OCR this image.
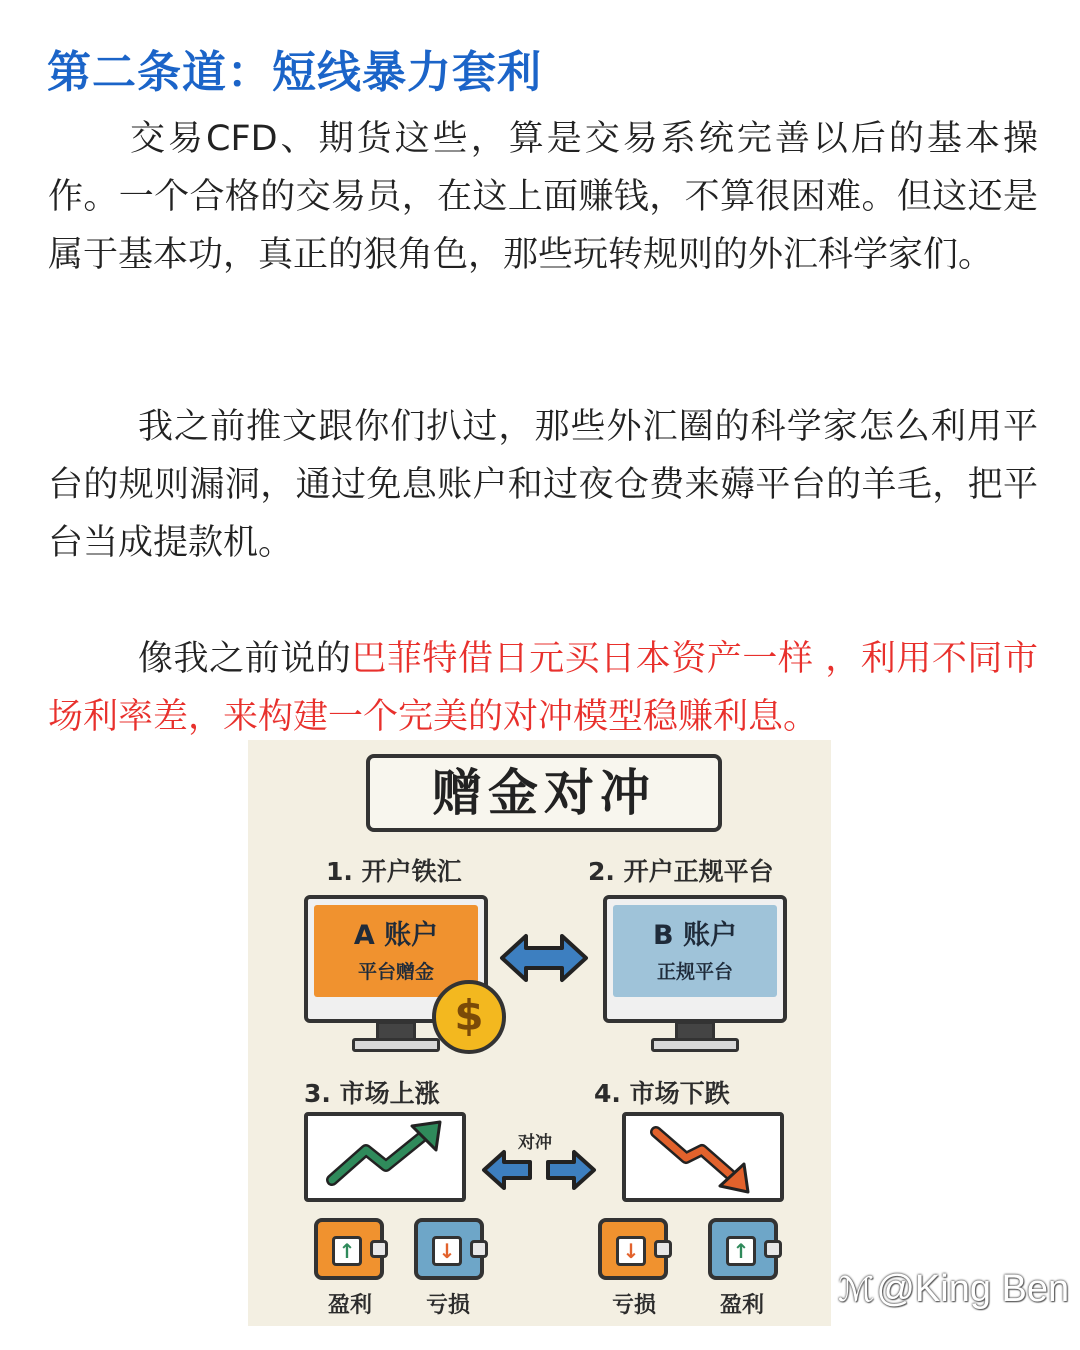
第二条道：短线暴力套利

交易CFD、期货这些，算是交易系统完善以后的基本操作。一个合格的交易员，在这上面赚钱，不算很困难。但这还是属于基本功，真正的狠角色，那些玩转规则的外汇科学家们。

我之前推文跟你们扒过，那些外汇圈的科学家怎么利用平台的规则漏洞，通过免息账户和过夜仓费来薅平台的羊毛，把平台当成提款机。

像我之前说的巴菲特借日元买日本资产一样 ，利用不同市场利率差，来构建一个完美的对冲模型稳赚利息。

赠金对冲
1. 开户铁汇	2. 开户正规平台
A 账户
平台赠金
$
B 账户
正规平台
3. 市场上涨	4. 市场下跌
对冲
↑	↓	↓	↑
盈利	亏损	亏损	盈利	ℳ@King Ben
